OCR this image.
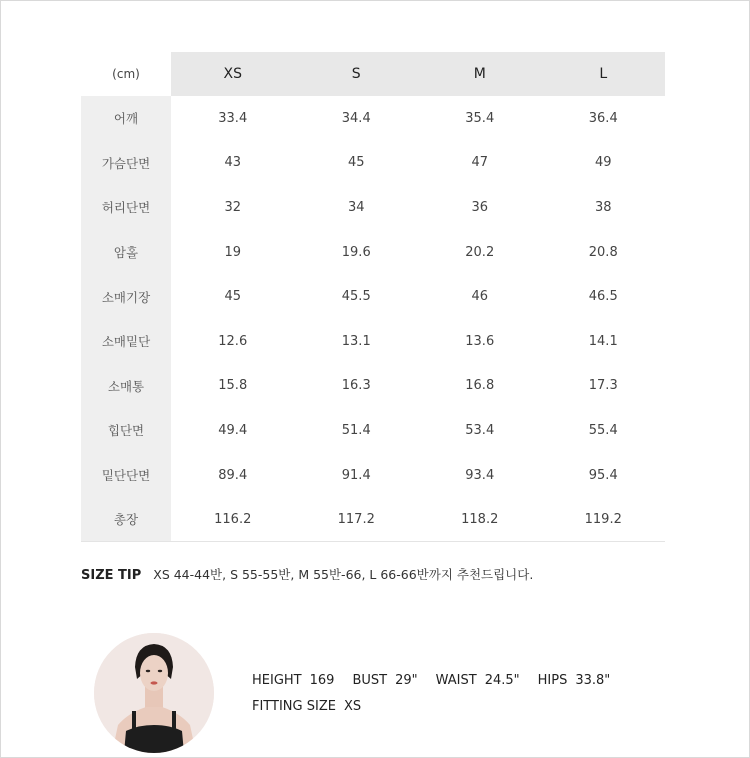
(cm)	XS	S	M	L
어깨	33.4	34.4	35.4	36.4
가슴단면	43	45	47	49
허리단면	32	34	36	38
암홀	19	19.6	20.2	20.8
소매기장	45	45.5	46	46.5
소매밑단	12.6	13.1	13.6	14.1
소매통	15.8	16.3	16.8	17.3
힙단면	49.4	51.4	53.4	55.4
밑단단면	89.4	91.4	93.4	95.4
총장	116.2	117.2	118.2	119.2
SIZE TIP XS 44-44반, S 55-55반, M 55반-66, L 66-66반까지 추천드립니다.
HEIGHT 169 BUST 29" WAIST 24.5" HIPS 33.8"
FITTING SIZE XS
